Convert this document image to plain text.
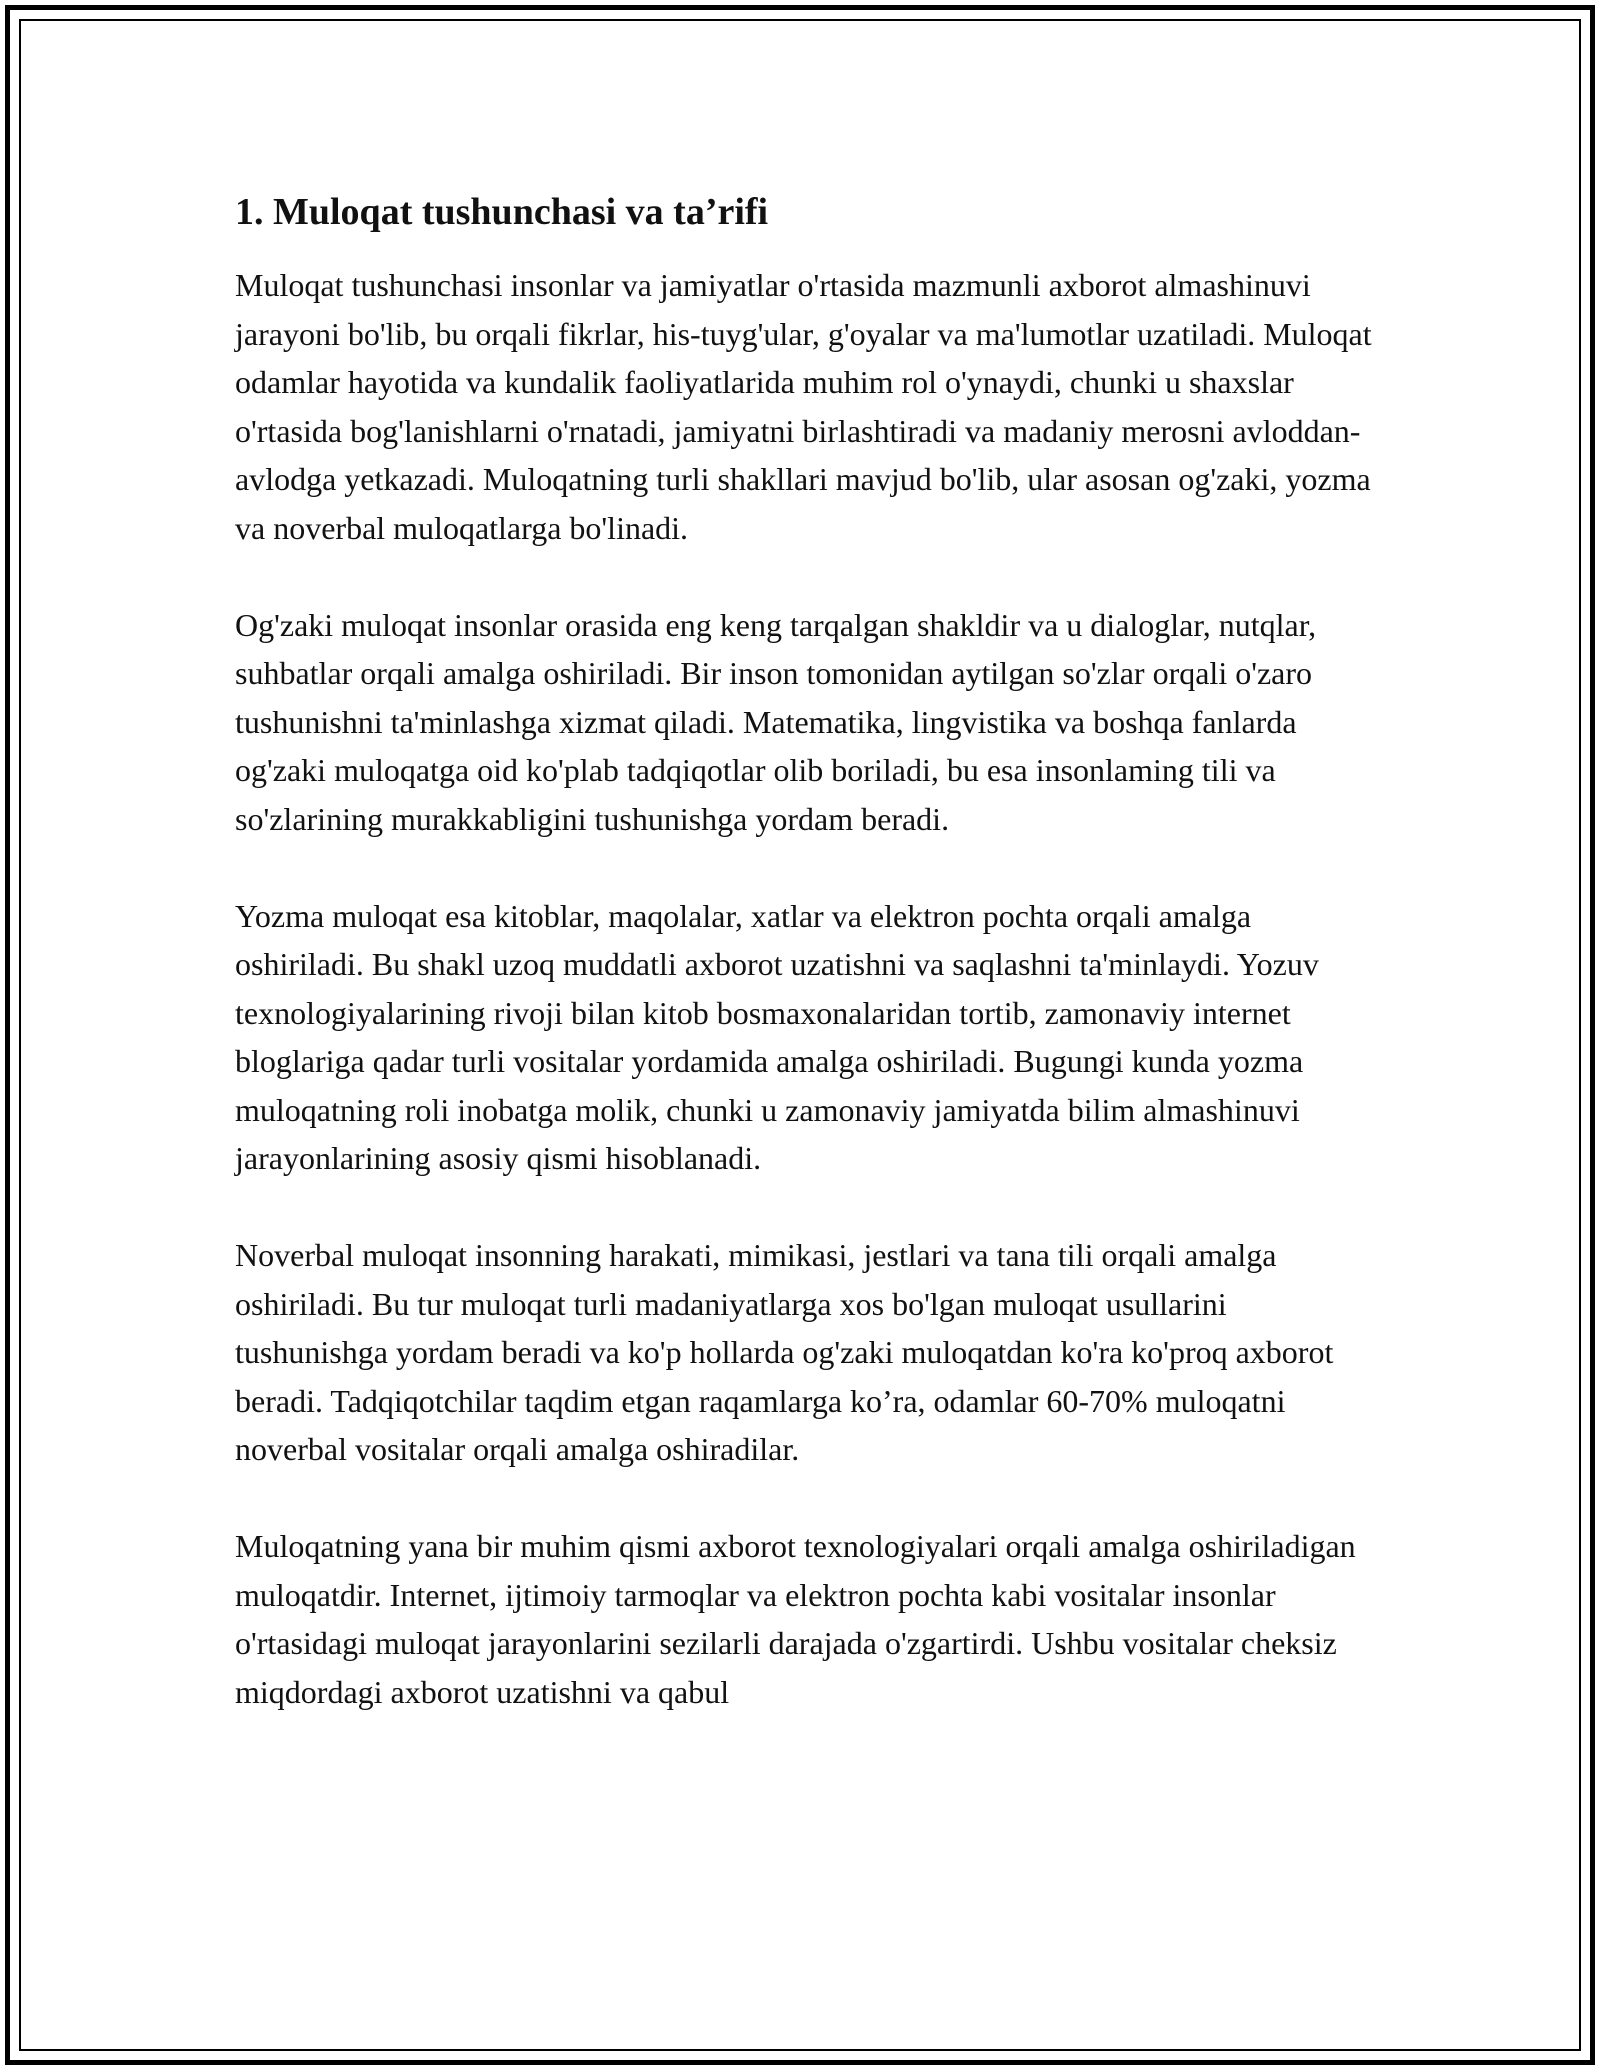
1. Muloqat tushunchasi va ta’rifi

Muloqat tushunchasi insonlar va jamiyatlar o'rtasida mazmunli axborot almashinuvi jarayoni bo'lib, bu orqali fikrlar, his-tuyg'ular, g'oyalar va ma'lumotlar uzatiladi. Muloqat odamlar hayotida va kundalik faoliyatlarida muhim rol o'ynaydi, chunki u shaxslar o'rtasida bog'lanishlarni o'rnatadi, jamiyatni birlashtiradi va madaniy merosni avloddan-avlodga yetkazadi. Muloqatning turli shakllari mavjud bo'lib, ular asosan og'zaki, yozma va noverbal muloqatlarga bo'linadi.

Og'zaki muloqat insonlar orasida eng keng tarqalgan shakldir va u dialoglar, nutqlar, suhbatlar orqali amalga oshiriladi. Bir inson tomonidan aytilgan so'zlar orqali o'zaro tushunishni ta'minlashga xizmat qiladi. Matematika, lingvistika va boshqa fanlarda og'zaki muloqatga oid ko'plab tadqiqotlar olib boriladi, bu esa insonlaming tili va so'zlarining murakkabligini tushunishga yordam beradi.

Yozma muloqat esa kitoblar, maqolalar, xatlar va elektron pochta orqali amalga oshiriladi. Bu shakl uzoq muddatli axborot uzatishni va saqlashni ta'minlaydi. Yozuv texnologiyalarining rivoji bilan kitob bosmaxonalaridan tortib, zamonaviy internet bloglariga qadar turli vositalar yordamida amalga oshiriladi. Bugungi kunda yozma muloqatning roli inobatga molik, chunki u zamonaviy jamiyatda bilim almashinuvi jarayonlarining asosiy qismi hisoblanadi.

Noverbal muloqat insonning harakati, mimikasi, jestlari va tana tili orqali amalga oshiriladi. Bu tur muloqat turli madaniyatlarga xos bo'lgan muloqat usullarini tushunishga yordam beradi va ko'p hollarda og'zaki muloqatdan ko'ra ko'proq axborot beradi. Tadqiqotchilar taqdim etgan raqamlarga ko’ra, odamlar 60-70% muloqatni noverbal vositalar orqali amalga oshiradilar.

Muloqatning yana bir muhim qismi axborot texnologiyalari orqali amalga oshiriladigan muloqatdir. Internet, ijtimoiy tarmoqlar va elektron pochta kabi vositalar insonlar o'rtasidagi muloqat jarayonlarini sezilarli darajada o'zgartirdi. Ushbu vositalar cheksiz miqdordagi axborot uzatishni va qabul
